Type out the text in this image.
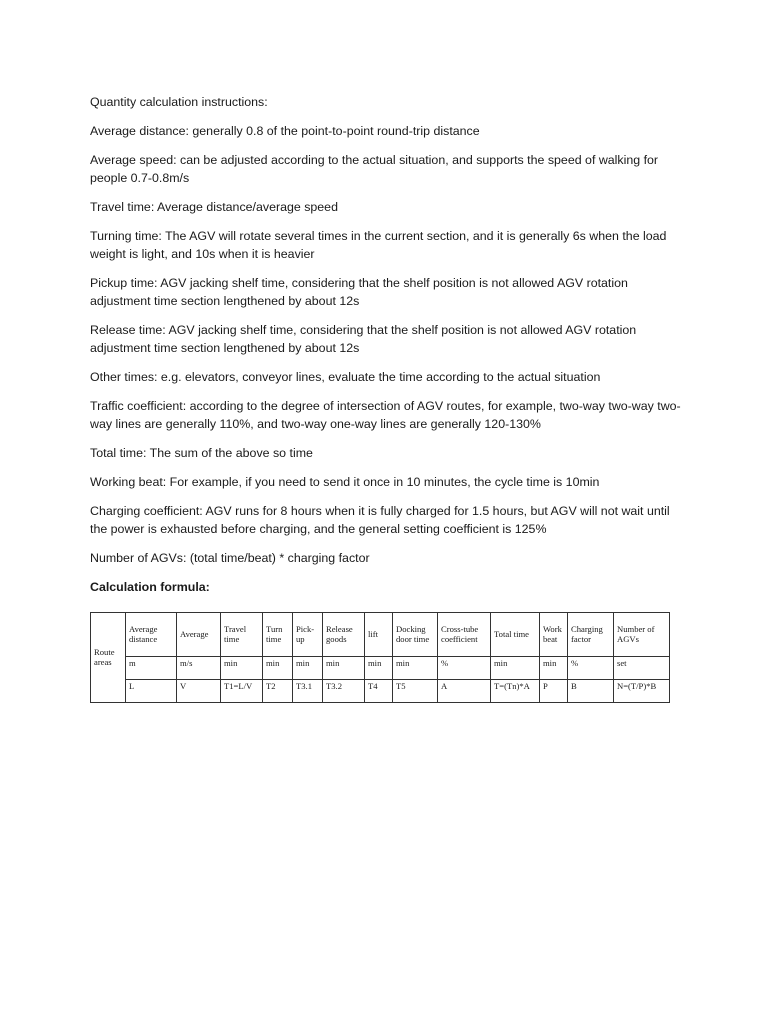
Quantity calculation instructions:

Average distance: generally 0.8 of the point-to-point round-trip distance

Average speed: can be adjusted according to the actual situation, and supports the speed of walking for people 0.7-0.8m/s

Travel time: Average distance/average speed

Turning time: The AGV will rotate several times in the current section, and it is generally 6s when the load weight is light, and 10s when it is heavier

Pickup time: AGV jacking shelf time, considering that the shelf position is not allowed AGV rotation adjustment time section lengthened by about 12s

Release time: AGV jacking shelf time, considering that the shelf position is not allowed AGV rotation adjustment time section lengthened by about 12s

Other times: e.g. elevators, conveyor lines, evaluate the time according to the actual situation

Traffic coefficient: according to the degree of intersection of AGV routes, for example, two-way two-way two-way lines are generally 110%, and two-way one-way lines are generally 120-130%

Total time: The sum of the above so time

Working beat: For example, if you need to send it once in 10 minutes, the cycle time is 10min

Charging coefficient: AGV runs for 8 hours when it is fully charged for 1.5 hours, but AGV will not wait until the power is exhausted before charging, and the general setting coefficient is 125%

Number of AGVs: (total time/beat) * charging factor

Calculation formula:

Route areas	Average distance	Average	Travel time	Turn time	Pick-up	Release goods	lift	Docking door time	Cross-tube coefficient	Total time	Work beat	Charging factor	Number of AGVs
	m	m/s	min	min	min	min	min	min	%	min	min	%	set
	L	V	T1=L/V	T2	T3.1	T3.2	T4	T5	A	T=(Tn)*A	P	B	N=(T/P)*B
